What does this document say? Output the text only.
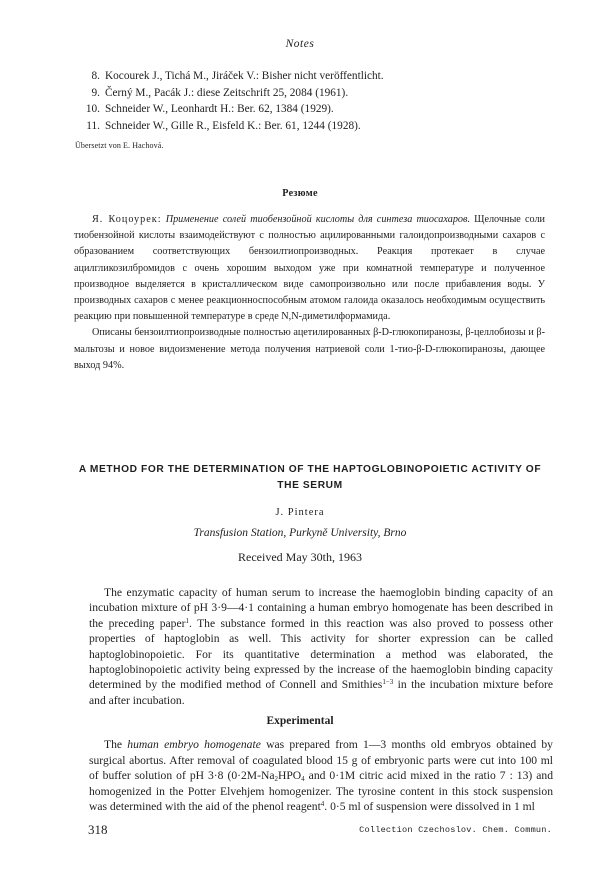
Notes
8. Kocourek J., Tichá M., Jiráček V.: Bisher nicht veröffentlicht.
9. Černý M., Pacák J.: diese Zeitschrift 25, 2084 (1961).
10. Schneider W., Leonhardt H.: Ber. 62, 1384 (1929).
11. Schneider W., Gille R., Eisfeld K.: Ber. 61, 1244 (1928).
Übersetzt von E. Hachová.
Резюме

Я. Коцоурек: Применение солей тиобензойной кислоты для синтеза тиосахаров. Щелочные соли тиобензойной кислоты взаимодействуют с полностью ацилированными галоидопроизводными сахаров с образованием соответствующих бензоилтиопроизводных. Реакция протекает в случае ацилгликозилбромидов с очень хорошим выходом уже при комнатной температуре и полученное производное выделяется в кристаллическом виде самопроизвольно или после прибавления воды. У производных сахаров с менее реакционноспособным атомом галоида оказалось необходимым осуществить реакцию при повышенной температуре в среде N,N-диметилформамида.

Описаны бензоилтиопроизводные полностью ацетилированных β-D-глюкопиранозы, β-целлобиозы и β-мальтозы и новое видоизменение метода получения натриевой соли 1-тио-β-D-глюкопиранозы, дающее выход 94%.

A METHOD FOR THE DETERMINATION OF THE HAPTOGLOBINOPOIETIC ACTIVITY OF THE SERUM
J. Pintera
Transfusion Station, Purkyně University, Brno
Received May 30th, 1963

The enzymatic capacity of human serum to increase the haemoglobin binding capacity of an incubation mixture of pH 3·9—4·1 containing a human embryo homogenate has been described in the preceding paper$^1$. The substance formed in this reaction was also proved to possess other properties of haptoglobin as well. This activity for shorter expression can be called haptoglobinopoietic. For its quantitative determination a method was elaborated, the haptoglobinopoietic activity being expressed by the increase of the haemoglobin binding capacity determined by the modified method of Connell and Smithies$^{1-3}$ in the incubation mixture before and after incubation.

Experimental

The human embryo homogenate was prepared from 1—3 months old embryos obtained by surgical abortus. After removal of coagulated blood 15 g of embryonic parts were cut into 100 ml of buffer solution of pH 3·8 ($0\cdot 2M-Na_2HPO_4$ and 0·1M citric acid mixed in the ratio 7 : 13) and homogenized in the Potter Elvehjem homogenizer. The tyrosine content in this stock suspension was determined with the aid of the phenol reagent$^4$. 0·5 ml of suspension were dissolved in 1 ml

318	Collection Czechoslov. Chem. Commun.
